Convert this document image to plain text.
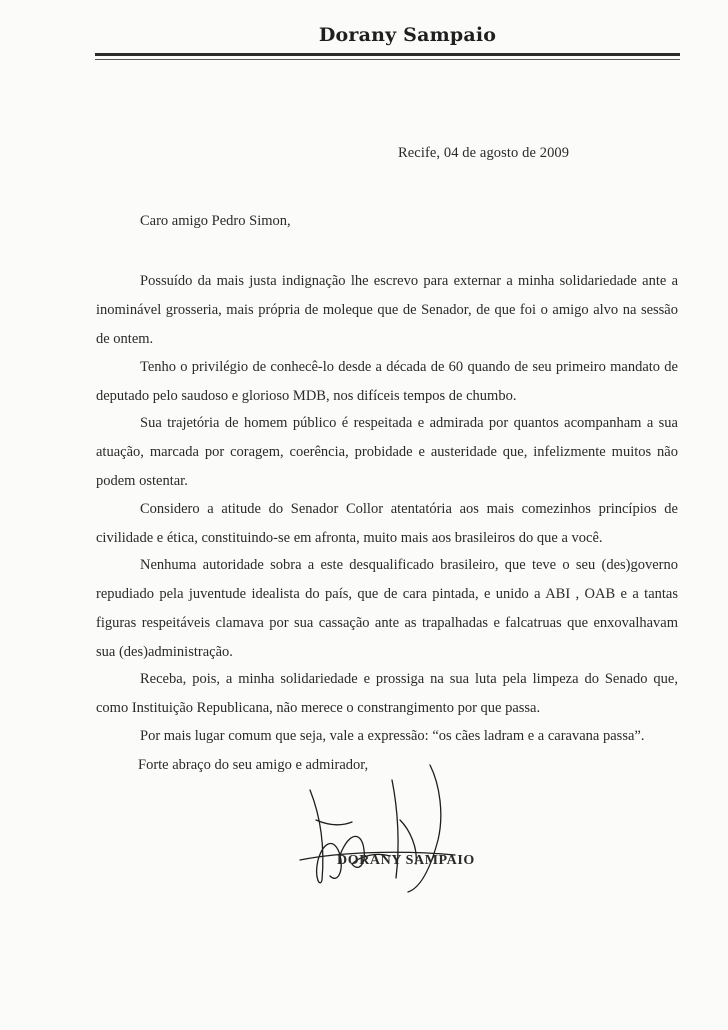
Dorany Sampaio
Recife, 04 de agosto de 2009
Caro amigo Pedro Simon,
Possuído da mais justa indignação lhe escrevo para externar a minha solidariedade ante a inominável grosseria, mais própria de moleque que de Senador, de que foi o amigo alvo na sessão de ontem.
Tenho o privilégio de conhecê-lo desde a década de 60 quando de seu primeiro mandato de deputado pelo saudoso e glorioso MDB, nos difíceis tempos de chumbo.
Sua trajetória de homem público é respeitada e admirada por quantos acompanham a sua atuação, marcada por coragem, coerência, probidade e austeridade que, infelizmente muitos não podem ostentar.
Considero a atitude do Senador Collor atentatória aos mais comezinhos princípios de civilidade e ética, constituindo-se em afronta, muito mais aos brasileiros do que a você.
Nenhuma autoridade sobra a este desqualificado brasileiro, que teve o seu (des)governo repudiado pela juventude idealista do país, que de cara pintada, e unido a ABI , OAB e a tantas figuras respeitáveis clamava por sua cassação ante as trapalhadas e falcatruas que enxovalhavam sua (des)administração.
Receba, pois, a minha solidariedade e prossiga na sua luta pela limpeza do Senado que, como Instituição Republicana, não merece o constrangimento por que passa.
Por mais lugar comum que seja, vale a expressão: “os cães ladram e a caravana passa”.
Forte abraço do seu amigo e admirador,
DORANY SAMPAIO
